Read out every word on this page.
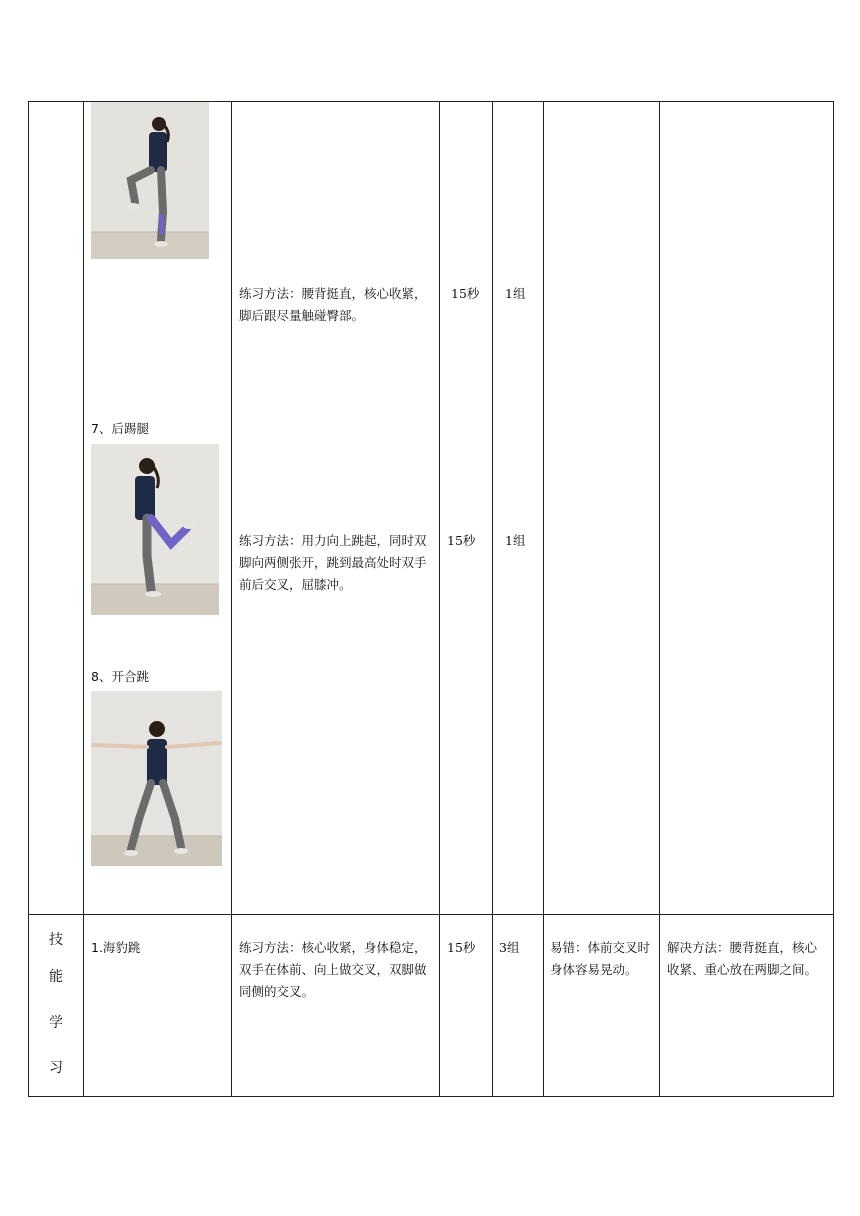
练习方法：腰背挺直，核心收紧，脚后跟尽量触碰臀部。
15秒 1组
7、后踢腿
练习方法：用力向上跳起，同时双脚向两侧张开，跳到最高处时双手前后交叉，屈膝冲。
15秒 1组
8、开合跳
技
能
学
习
1.海豹跳	练习方法：核心收紧，身体稳定，双手在体前、向上做交叉，双脚做同侧的交叉。
15秒 3组 易错：体前交叉时身体容易晃动。
解决方法：腰背挺直，核心收紧、重心放在两脚之间。
